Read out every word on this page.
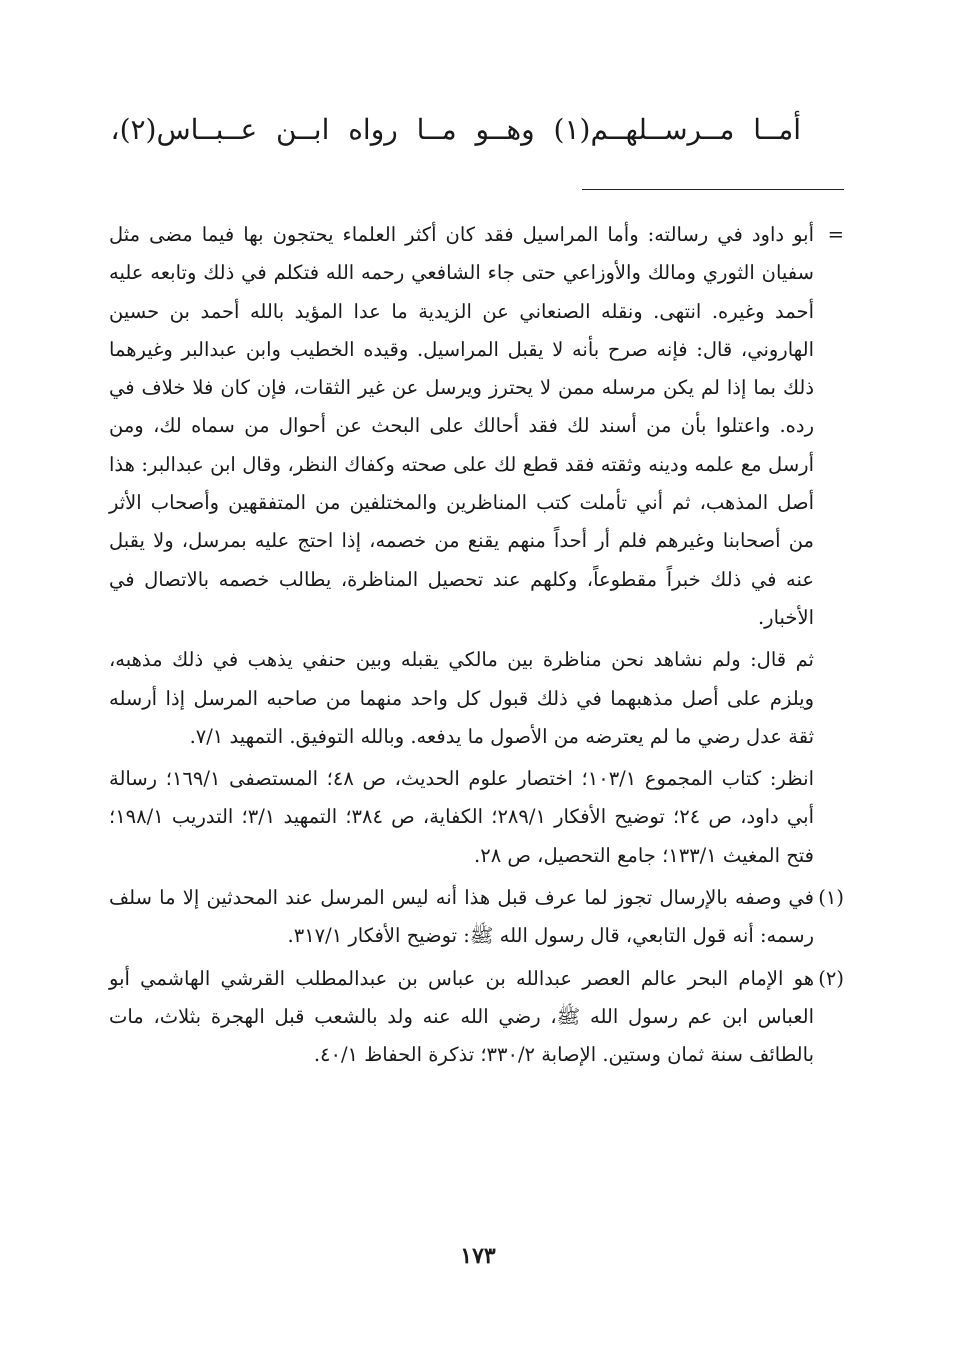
أمــا مــرســلهــم(١) وهــو مــا رواه ابــن عــبــاس(٢)،
=

أبو داود في رسالته: وأما المراسيل فقد كان أكثر العلماء يحتجون بها فيما مضى مثل سفيان الثوري ومالك والأوزاعي حتى جاء الشافعي رحمه الله فتكلم في ذلك وتابعه عليه أحمد وغيره. انتهى. ونقله الصنعاني عن الزيدية ما عدا المؤيد بالله أحمد بن حسين الهاروني، قال: فإنه صرح بأنه لا يقبل المراسيل. وقيده الخطيب وابن عبدالبر وغيرهما ذلك بما إذا لم يكن مرسله ممن لا يحترز ويرسل عن غير الثقات، فإن كان فلا خلاف في رده. واعتلوا بأن من أسند لك فقد أحالك على البحث عن أحوال من سماه لك، ومن أرسل مع علمه ودينه وثقته فقد قطع لك على صحته وكفاك النظر، وقال ابن عبدالبر: هذا أصل المذهب، ثم أني تأملت كتب المناظرين والمختلفين من المتفقهين وأصحاب الأثر من أصحابنا وغيرهم فلم أر أحداً منهم يقنع من خصمه، إذا احتج عليه بمرسل، ولا يقبل عنه في ذلك خبراً مقطوعاً، وكلهم عند تحصيل المناظرة، يطالب خصمه بالاتصال في الأخبار.

ثم قال: ولم نشاهد نحن مناظرة بين مالكي يقبله وبين حنفي يذهب في ذلك مذهبه، ويلزم على أصل مذهبهما في ذلك قبول كل واحد منهما من صاحبه المرسل إذا أرسله ثقة عدل رضي ما لم يعترضه من الأصول ما يدفعه. وبالله التوفيق. التمهيد ٧/١.

انظر: كتاب المجموع ١٠٣/١؛ اختصار علوم الحديث، ص ٤٨؛ المستصفى ١٦٩/١؛ رسالة أبي داود، ص ٢٤؛ توضيح الأفكار ٢٨٩/١؛ الكفاية، ص ٣٨٤؛ التمهيد ٣/١؛ التدريب ١٩٨/١؛ فتح المغيث ١٣٣/١؛ جامع التحصيل، ص ٢٨.

(١)

في وصفه بالإرسال تجوز لما عرف قبل هذا أنه ليس المرسل عند المحدثين إلا ما سلف رسمه: أنه قول التابعي، قال رسول الله ﷺ: توضيح الأفكار ٣١٧/١.

(٢)

هو الإمام البحر عالم العصر عبدالله بن عباس بن عبدالمطلب القرشي الهاشمي أبو العباس ابن عم رسول الله ﷺ، رضي الله عنه ولد بالشعب قبل الهجرة بثلاث، مات بالطائف سنة ثمان وستين. الإصابة ٣٣٠/٢؛ تذكرة الحفاظ ٤٠/١.

١٧٣
